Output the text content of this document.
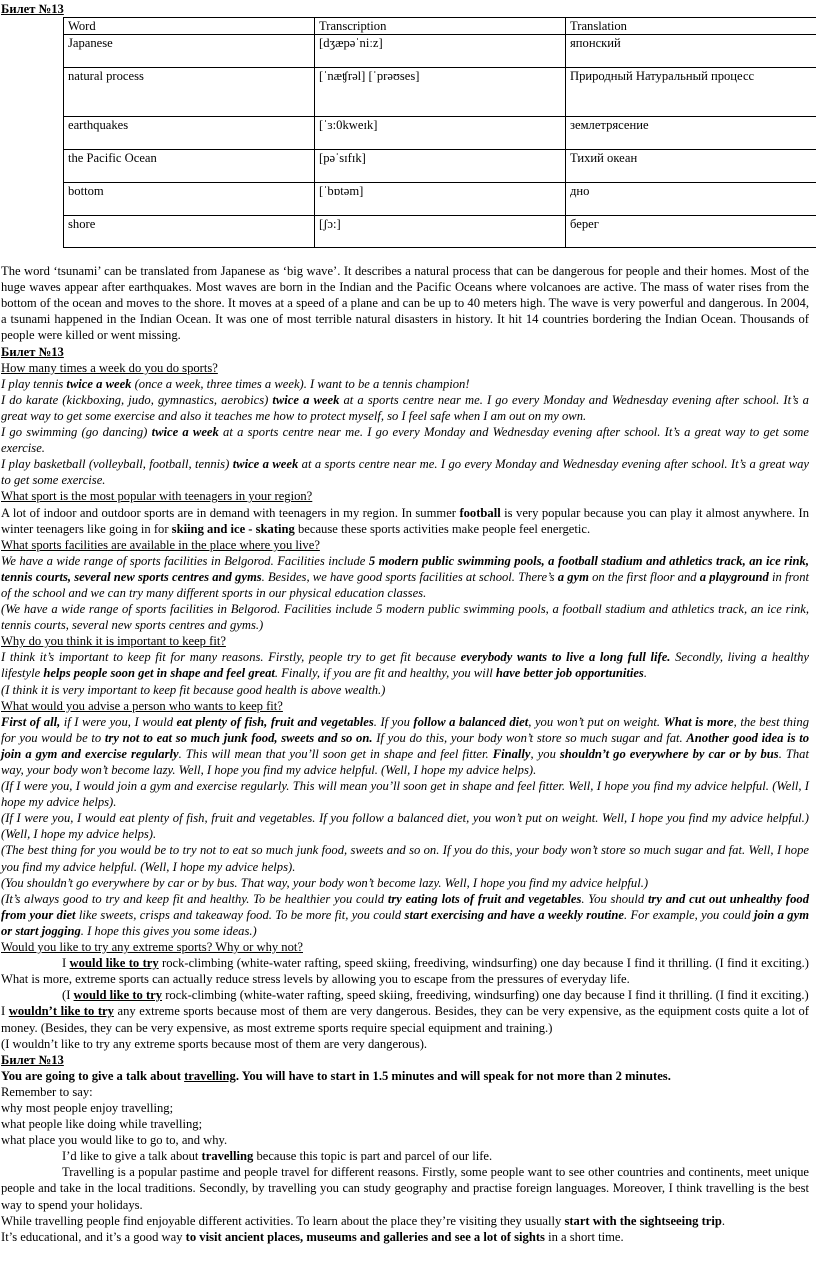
Билет №13

Word	Transcription	Translation
Japanese	[dʒæpəˈniːz]	японский
natural process	[ˈnæʧrəl] [ˈprəʊses]	Природный Натуральный процесс
earthquakes	[ˈɜ:0kweɪk]	землетрясение
the Pacific Ocean	[pəˈsɪfɪk]	Тихий океан
bottom	[ˈbɒtəm]	дно
shore	[ʃɔ:]	берег

The word ‘tsunami’ can be translated from Japanese as ‘big wave’. It describes a natural process that can be dangerous for people and their homes. Most of the huge waves appear after earthquakes. Most waves are born in the Indian and the Pacific Oceans where volcanoes are active. The mass of water rises from the bottom of the ocean and moves to the shore. It moves at a speed of a plane and can be up to 40 meters high. The wave is very powerful and dangerous. In 2004, a tsunami happened in the Indian Ocean. It was one of most terrible natural disasters in history. It hit 14 countries bordering the Indian Ocean. Thousands of people were killed or went missing.

Билет №13

How many times a week do you do sports?

I play tennis twice a week (once a week, three times a week). I want to be a tennis champion!

I do karate (kickboxing, judo, gymnastics, aerobics) twice a week at a sports centre near me. I go every Monday and Wednesday evening after school. It’s a great way to get some exercise and also it teaches me how to protect myself, so I feel safe when I am out on my own.

I go swimming (go dancing) twice a week at a sports centre near me. I go every Monday and Wednesday evening after school. It’s a great way to get some exercise.

I play basketball (volleyball, football, tennis) twice a week at a sports centre near me. I go every Monday and Wednesday evening after school. It’s a great way to get some exercise.

What sport is the most popular with teenagers in your region?

A lot of indoor and outdoor sports are in demand with teenagers in my region. In summer football is very popular because you can play it almost anywhere. In winter teenagers like going in for skiing and ice - skating because these sports activities make people feel energetic.

What sports facilities are available in the place where you live?

We have a wide range of sports facilities in Belgorod. Facilities include 5 modern public swimming pools, a football stadium and athletics track, an ice rink, tennis courts, several new sports centres and gyms. Besides, we have good sports facilities at school. There’s a gym on the first floor and a playground in front of the school and we can try many different sports in our physical education classes.

(We have a wide range of sports facilities in Belgorod. Facilities include 5 modern public swimming pools, a football stadium and athletics track, an ice rink, tennis courts, several new sports centres and gyms.)

Why do you think it is important to keep fit?

I think it’s important to keep fit for many reasons. Firstly, people try to get fit because everybody wants to live a long full life. Secondly, living a healthy lifestyle helps people soon get in shape and feel great. Finally, if you are fit and healthy, you will have better job opportunities.

(I think it is very important to keep fit because good health is above wealth.)

What would you advise a person who wants to keep fit?

First of all, if I were you, I would eat plenty of fish, fruit and vegetables. If you follow a balanced diet, you won’t put on weight. What is more, the best thing for you would be to try not to eat so much junk food, sweets and so on. If you do this, your body won’t store so much sugar and fat. Another good idea is to join a gym and exercise regularly. This will mean that you’ll soon get in shape and feel fitter. Finally, you shouldn’t go everywhere by car or by bus. That way, your body won’t become lazy. Well, I hope you find my advice helpful. (Well, I hope my advice helps).

(If I were you, I would join a gym and exercise regularly. This will mean you’ll soon get in shape and feel fitter. Well, I hope you find my advice helpful. (Well, I hope my advice helps).

(If I were you, I would eat plenty of fish, fruit and vegetables. If you follow a balanced diet, you won’t put on weight. Well, I hope you find my advice helpful.) (Well, I hope my advice helps).

(The best thing for you would be to try not to eat so much junk food, sweets and so on. If you do this, your body won’t store so much sugar and fat. Well, I hope you find my advice helpful. (Well, I hope my advice helps).

(You shouldn’t go everywhere by car or by bus. That way, your body won’t become lazy. Well, I hope you find my advice helpful.)

(It’s always good to try and keep fit and healthy. To be healthier you could try eating lots of fruit and vegetables. You should try and cut out unhealthy food from your diet like sweets, crisps and takeaway food. To be more fit, you could start exercising and have a weekly routine. For example, you could join a gym or start jogging. I hope this gives you some ideas.)

Would you like to try any extreme sports? Why or why not?

I would like to try rock-climbing (white-water rafting, speed skiing, freediving, windsurfing) one day because I find it thrilling. (I find it exciting.) What is more, extreme sports can actually reduce stress levels by allowing you to escape from the pressures of everyday life.

(I would like to try rock-climbing (white-water rafting, speed skiing, freediving, windsurfing) one day because I find it thrilling. (I find it exciting.)

I wouldn’t like to try any extreme sports because most of them are very dangerous. Besides, they can be very expensive, as the equipment costs quite a lot of money. (Besides, they can be very expensive, as most extreme sports require special equipment and training.)

(I wouldn’t like to try any extreme sports because most of them are very dangerous).

Билет №13

You are going to give a talk about travelling. You will have to start in 1.5 minutes and will speak for not more than 2 minutes.

Remember to say:

why most people enjoy travelling;

what people like doing while travelling;

what place you would like to go to, and why.

I’d like to give a talk about travelling because this topic is part and parcel of our life.

Travelling is a popular pastime and people travel for different reasons. Firstly, some people want to see other countries and continents, meet unique people and take in the local traditions. Secondly, by travelling you can study geography and practise foreign languages. Moreover, I think travelling is the best way to spend your holidays.

While travelling people find enjoyable different activities. To learn about the place they’re visiting they usually start with the sightseeing trip.

It’s educational, and it’s a good way to visit ancient places, museums and galleries and see a lot of sights in a short time.
